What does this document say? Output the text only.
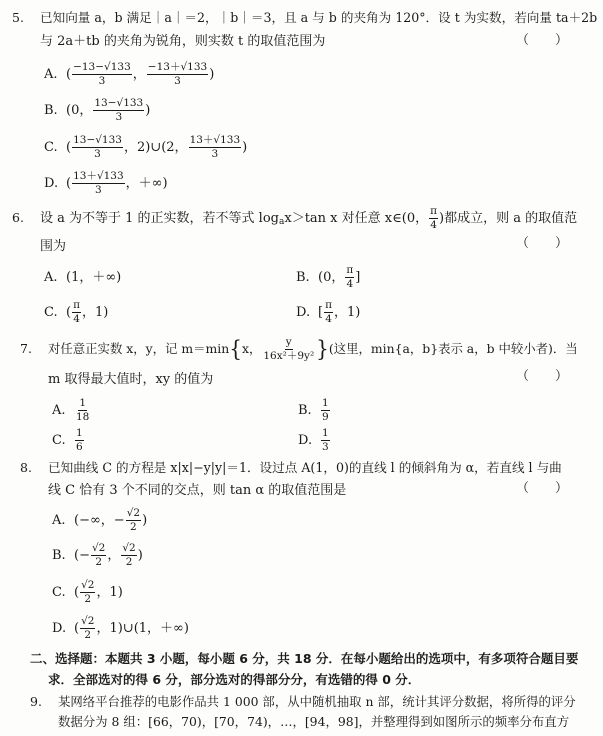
5. 已知向量 a，b 满足｜a｜＝2，｜b｜＝3，且 a 与 b 的夹角为 120°．设 t 为实数，若向量 ta＋2b
与 2a＋tb 的夹角为锐角，则实数 t 的取值范围为	（　　）
A. ( $\frac{-13-√133}{3}$ ， $\frac{-13+√133}{3}$ )
B. (0， $\frac{13-√133}{3}$ )
C. ( $\frac{13-√133}{3}$ ，2)∪(2， $\frac{13+√133}{3}$ )
D. ( $\frac{13+√133}{3}$ ，＋∞)
6. 设 a 为不等于 1 的正实数，若不等式 log a x＞tan x 对任意 x∈ (0， $\frac{\pi}{4}$ ) 都成立，则 a 的取值范
围为	（　　）
A. (1，＋∞)	B. (0， $\frac{\pi}{4}$ ]
C. ( $\frac{\pi}{4}$ ，1)	D. [ $\frac{\pi}{4}$ ，1)
7. 对任意正实数 x，y，记 m＝min { x， $\frac{y}{\text{16x²＋9y²}}$ } (这里，min{a，b}表示 a，b 中较小者)．当
m 取得最大值时，xy 的值为	（　　）
A. $\frac{1}{18}$	B. $\frac{1}{9}$
C. $\frac{1}{6}$	D. $\frac{1}{3}$
8. 已知曲线 C 的方程是 x|x|−y|y|＝1．设过点 A(1，0)的直线 l 的倾斜角为 α，若直线 l 与曲
线 C 恰有 3 个不同的交点，则 tan α 的取值范围是	（　　）
A. (−∞，− $\frac{√2}{2}$ )
B. (− $\frac{√2}{2}$ ， $\frac{√2}{2}$ )
C. ( $\frac{√2}{2}$ ，1)
D. ( $\frac{√2}{2}$ ，1)∪(1，＋∞)
二、选择题：本题共 3 小题，每小题 6 分，共 18 分．在每小题给出的选项中，有多项符合题目要
求．全部选对的得 6 分，部分选对的得部分分，有选错的得 0 分．
9. 某网络平台推荐的电影作品共 1 000 部，从中随机抽取 n 部，统计其评分数据，将所得的评分
数据分为 8 组：[66，70)，[70，74)，…，[94，98]，并整理得到如图所示的频率分布直方
